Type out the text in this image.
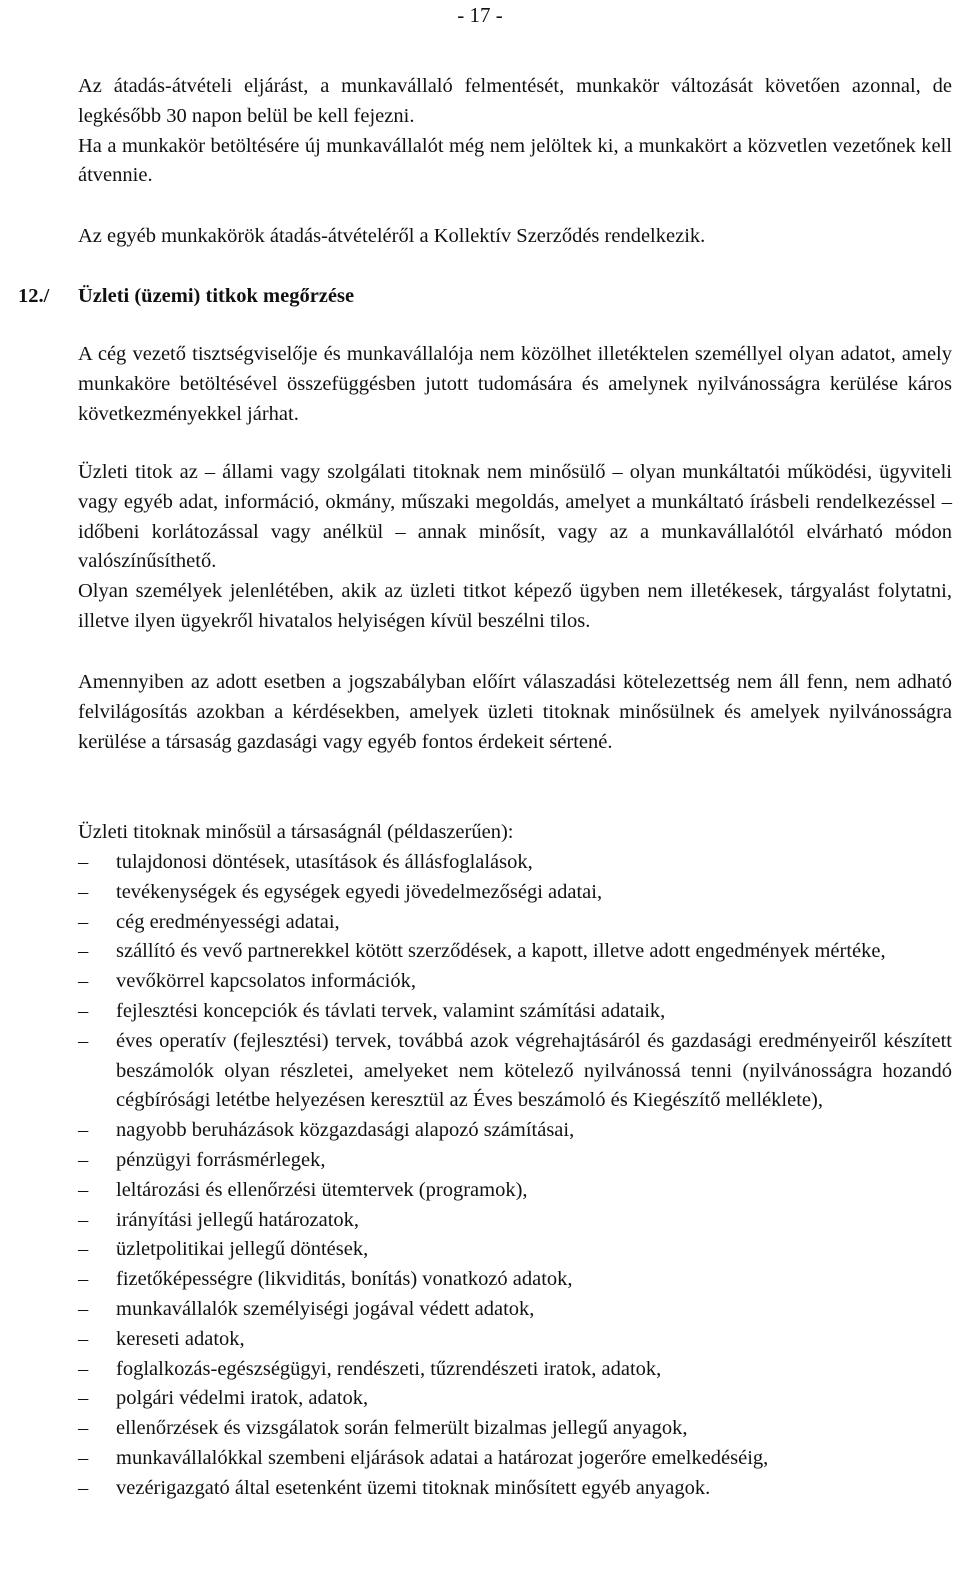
- 17 -

Az átadás-átvételi eljárást, a munkavállaló felmentését, munkakör változását követően azonnal, de legkésőbb 30 napon belül be kell fejezni.

Ha a munkakör betöltésére új munkavállalót még nem jelöltek ki, a munkakört a közvetlen vezetőnek kell átvennie.

Az egyéb munkakörök átadás-átvételéről a Kollektív Szerződés rendelkezik.

12./ Üzleti (üzemi) titkok megőrzése

A cég vezető tisztségviselője és munkavállalója nem közölhet illetéktelen személlyel olyan adatot, amely munkaköre betöltésével összefüggésben jutott tudomására és amelynek nyilvánosságra kerülése káros következményekkel járhat.

Üzleti titok az – állami vagy szolgálati titoknak nem minősülő – olyan munkáltatói működési, ügyviteli vagy egyéb adat, információ, okmány, műszaki megoldás, amelyet a munkáltató írásbeli rendelkezéssel – időbeni korlátozással vagy anélkül – annak minősít, vagy az a munkavállalótól elvárható módon valószínűsíthető.

Olyan személyek jelenlétében, akik az üzleti titkot képező ügyben nem illetékesek, tárgyalást folytatni, illetve ilyen ügyekről hivatalos helyiségen kívül beszélni tilos.

Amennyiben az adott esetben a jogszabályban előírt válaszadási kötelezettség nem áll fenn, nem adható felvilágosítás azokban a kérdésekben, amelyek üzleti titoknak minősülnek és amelyek nyilvánosságra kerülése a társaság gazdasági vagy egyéb fontos érdekeit sértené.

Üzleti titoknak minősül a társaságnál (példaszerűen):

– tulajdonosi döntések, utasítások és állásfoglalások,
– tevékenységek és egységek egyedi jövedelmezőségi adatai,
– cég eredményességi adatai,
– szállító és vevő partnerekkel kötött szerződések, a kapott, illetve adott engedmények mértéke,
– vevőkörrel kapcsolatos információk,
– fejlesztési koncepciók és távlati tervek, valamint számítási adataik,
– éves operatív (fejlesztési) tervek, továbbá azok végrehajtásáról és gazdasági eredményeiről készített beszámolók olyan részletei, amelyeket nem kötelező nyilvánossá tenni (nyilvánosságra hozandó cégbírósági letétbe helyezésen keresztül az Éves beszámoló és Kiegészítő melléklete),
– nagyobb beruházások közgazdasági alapozó számításai,
– pénzügyi forrásmérlegek,
– leltározási és ellenőrzési ütemtervek (programok),
– irányítási jellegű határozatok,
– üzletpolitikai jellegű döntések,
– fizetőképességre (likviditás, bonítás) vonatkozó adatok,
– munkavállalók személyiségi jogával védett adatok,
– kereseti adatok,
– foglalkozás-egészségügyi, rendészeti, tűzrendészeti iratok, adatok,
– polgári védelmi iratok, adatok,
– ellenőrzések és vizsgálatok során felmerült bizalmas jellegű anyagok,
– munkavállalókkal szembeni eljárások adatai a határozat jogerőre emelkedéséig,
– vezérigazgató által esetenként üzemi titoknak minősített egyéb anyagok.
